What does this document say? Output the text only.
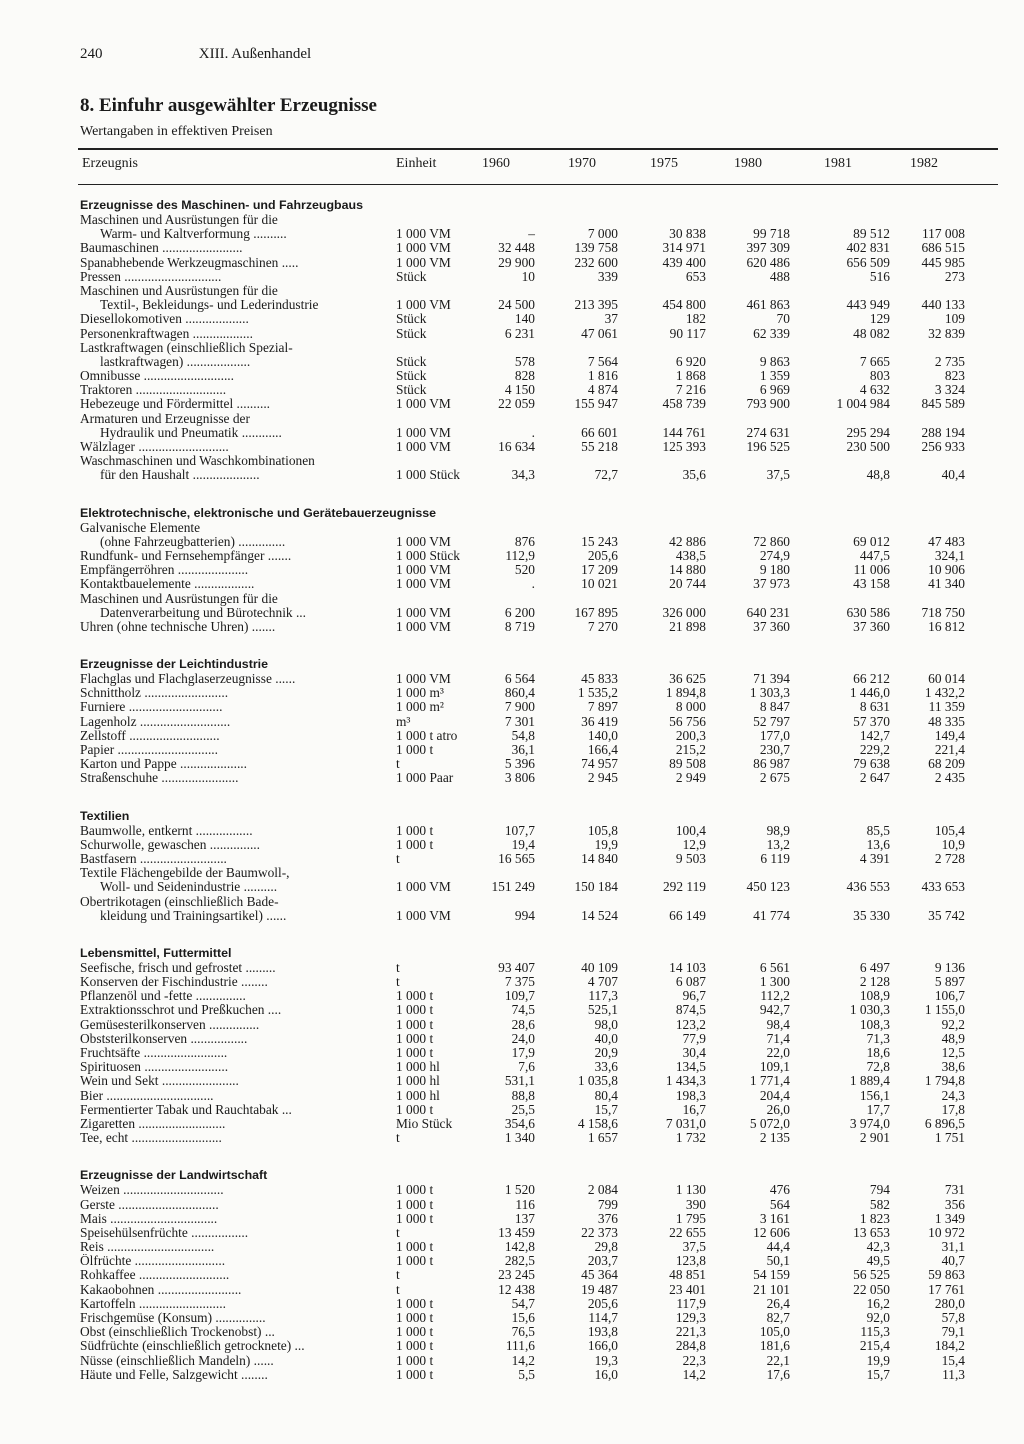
240	XIII. Außenhandel
8. Einfuhr ausgewählter Erzeugnisse
Wertangaben in effektiven Preisen
Erzeugnis	Einheit	1960	1970	1975	1980	1981	1982
Erzeugnisse des Maschinen- und Fahrzeugbaus
Maschinen und Ausrüstungen für die
Warm- und Kaltverformung ..........	1 000 VM	–	7 000	30 838	99 718	89 512	117 008
Baumaschinen ........................	1 000 VM	32 448	139 758	314 971	397 309	402 831	686 515
Spanabhebende Werkzeugmaschinen .....	1 000 VM	29 900	232 600	439 400	620 486	656 509	445 985
Pressen .............................	Stück	10	339	653	488	516	273
Maschinen und Ausrüstungen für die
Textil-, Bekleidungs- und Lederindustrie	1 000 VM	24 500	213 395	454 800	461 863	443 949	440 133
Diesellokomotiven ...................	Stück	140	37	182	70	129	109
Personenkraftwagen ..................	Stück	6 231	47 061	90 117	62 339	48 082	32 839
Lastkraftwagen (einschließlich Spezial-
lastkraftwagen) ...................	Stück	578	7 564	6 920	9 863	7 665	2 735
Omnibusse ...........................	Stück	828	1 816	1 868	1 359	803	823
Traktoren ...........................	Stück	4 150	4 874	7 216	6 969	4 632	3 324
Hebezeuge und Fördermittel ..........	1 000 VM	22 059	155 947	458 739	793 900	1 004 984	845 589
Armaturen und Erzeugnisse der
Hydraulik und Pneumatik ............	1 000 VM	.	66 601	144 761	274 631	295 294	288 194
Wälzlager ...........................	1 000 VM	16 634	55 218	125 393	196 525	230 500	256 933
Waschmaschinen und Waschkombinationen
für den Haushalt ....................	1 000 Stück	34,3	72,7	35,6	37,5	48,8	40,4
Elektrotechnische, elektronische und Gerätebauerzeugnisse
Galvanische Elemente
(ohne Fahrzeugbatterien) ..............	1 000 VM	876	15 243	42 886	72 860	69 012	47 483
Rundfunk- und Fernsehempfänger .......	1 000 Stück	112,9	205,6	438,5	274,9	447,5	324,1
Empfängerröhren .....................	1 000 VM	520	17 209	14 880	9 180	11 006	10 906
Kontaktbauelemente ..................	1 000 VM	.	10 021	20 744	37 973	43 158	41 340
Maschinen und Ausrüstungen für die
Datenverarbeitung und Bürotechnik ...	1 000 VM	6 200	167 895	326 000	640 231	630 586	718 750
Uhren (ohne technische Uhren) .......	1 000 VM	8 719	7 270	21 898	37 360	37 360	16 812
Erzeugnisse der Leichtindustrie
Flachglas und Flachglaserzeugnisse ......	1 000 VM	6 564	45 833	36 625	71 394	66 212	60 014
Schnittholz .........................	1 000 m³	860,4	1 535,2	1 894,8	1 303,3	1 446,0	1 432,2
Furniere ............................	1 000 m²	7 900	7 897	8 000	8 847	8 631	11 359
Lagenholz ...........................	m³	7 301	36 419	56 756	52 797	57 370	48 335
Zellstoff ...........................	1 000 t atro	54,8	140,0	200,3	177,0	142,7	149,4
Papier ..............................	1 000 t	36,1	166,4	215,2	230,7	229,2	221,4
Karton und Pappe ....................	t	5 396	74 957	89 508	86 987	79 638	68 209
Straßenschuhe .......................	1 000 Paar	3 806	2 945	2 949	2 675	2 647	2 435
Textilien
Baumwolle, entkernt .................	1 000 t	107,7	105,8	100,4	98,9	85,5	105,4
Schurwolle, gewaschen ...............	1 000 t	19,4	19,9	12,9	13,2	13,6	10,9
Bastfasern ..........................	t	16 565	14 840	9 503	6 119	4 391	2 728
Textile Flächengebilde der Baumwoll-,
Woll- und Seidenindustrie ..........	1 000 VM	151 249	150 184	292 119	450 123	436 553	433 653
Obertrikotagen (einschließlich Bade-
kleidung und Trainingsartikel) ......	1 000 VM	994	14 524	66 149	41 774	35 330	35 742
Lebensmittel, Futtermittel
Seefische, frisch und gefrostet .........	t	93 407	40 109	14 103	6 561	6 497	9 136
Konserven der Fischindustrie ........	t	7 375	4 707	6 087	1 300	2 128	5 897
Pflanzenöl und -fette ...............	1 000 t	109,7	117,3	96,7	112,2	108,9	106,7
Extraktionsschrot und Preßkuchen ....	1 000 t	74,5	525,1	874,5	942,7	1 030,3	1 155,0
Gemüsesterilkonserven ...............	1 000 t	28,6	98,0	123,2	98,4	108,3	92,2
Obststerilkonserven .................	1 000 t	24,0	40,0	77,9	71,4	71,3	48,9
Fruchtsäfte .........................	1 000 t	17,9	20,9	30,4	22,0	18,6	12,5
Spirituosen .........................	1 000 hl	7,6	33,6	134,5	109,1	72,8	38,6
Wein und Sekt .......................	1 000 hl	531,1	1 035,8	1 434,3	1 771,4	1 889,4	1 794,8
Bier ................................	1 000 hl	88,8	80,4	198,3	204,4	156,1	24,3
Fermentierter Tabak und Rauchtabak ...	1 000 t	25,5	15,7	16,7	26,0	17,7	17,8
Zigaretten ..........................	Mio Stück	354,6	4 158,6	7 031,0	5 072,0	3 974,0	6 896,5
Tee, echt ...........................	t	1 340	1 657	1 732	2 135	2 901	1 751
Erzeugnisse der Landwirtschaft
Weizen ..............................	1 000 t	1 520	2 084	1 130	476	794	731
Gerste ..............................	1 000 t	116	799	390	564	582	356
Mais ................................	1 000 t	137	376	1 795	3 161	1 823	1 349
Speisehülsenfrüchte .................	t	13 459	22 373	22 655	12 606	13 653	10 972
Reis ................................	1 000 t	142,8	29,8	37,5	44,4	42,3	31,1
Ölfrüchte ...........................	1 000 t	282,5	203,7	123,8	50,1	49,5	40,7
Rohkaffee ...........................	t	23 245	45 364	48 851	54 159	56 525	59 863
Kakaobohnen .........................	t	12 438	19 487	23 401	21 101	22 050	17 761
Kartoffeln ..........................	1 000 t	54,7	205,6	117,9	26,4	16,2	280,0
Frischgemüse (Konsum) ...............	1 000 t	15,6	114,7	129,3	82,7	92,0	57,8
Obst (einschließlich Trockenobst) ...	1 000 t	76,5	193,8	221,3	105,0	115,3	79,1
Südfrüchte (einschließlich getrocknete) ...	1 000 t	111,6	166,0	284,8	181,6	215,4	184,2
Nüsse (einschließlich Mandeln) ......	1 000 t	14,2	19,3	22,3	22,1	19,9	15,4
Häute und Felle, Salzgewicht ........	1 000 t	5,5	16,0	14,2	17,6	15,7	11,3
